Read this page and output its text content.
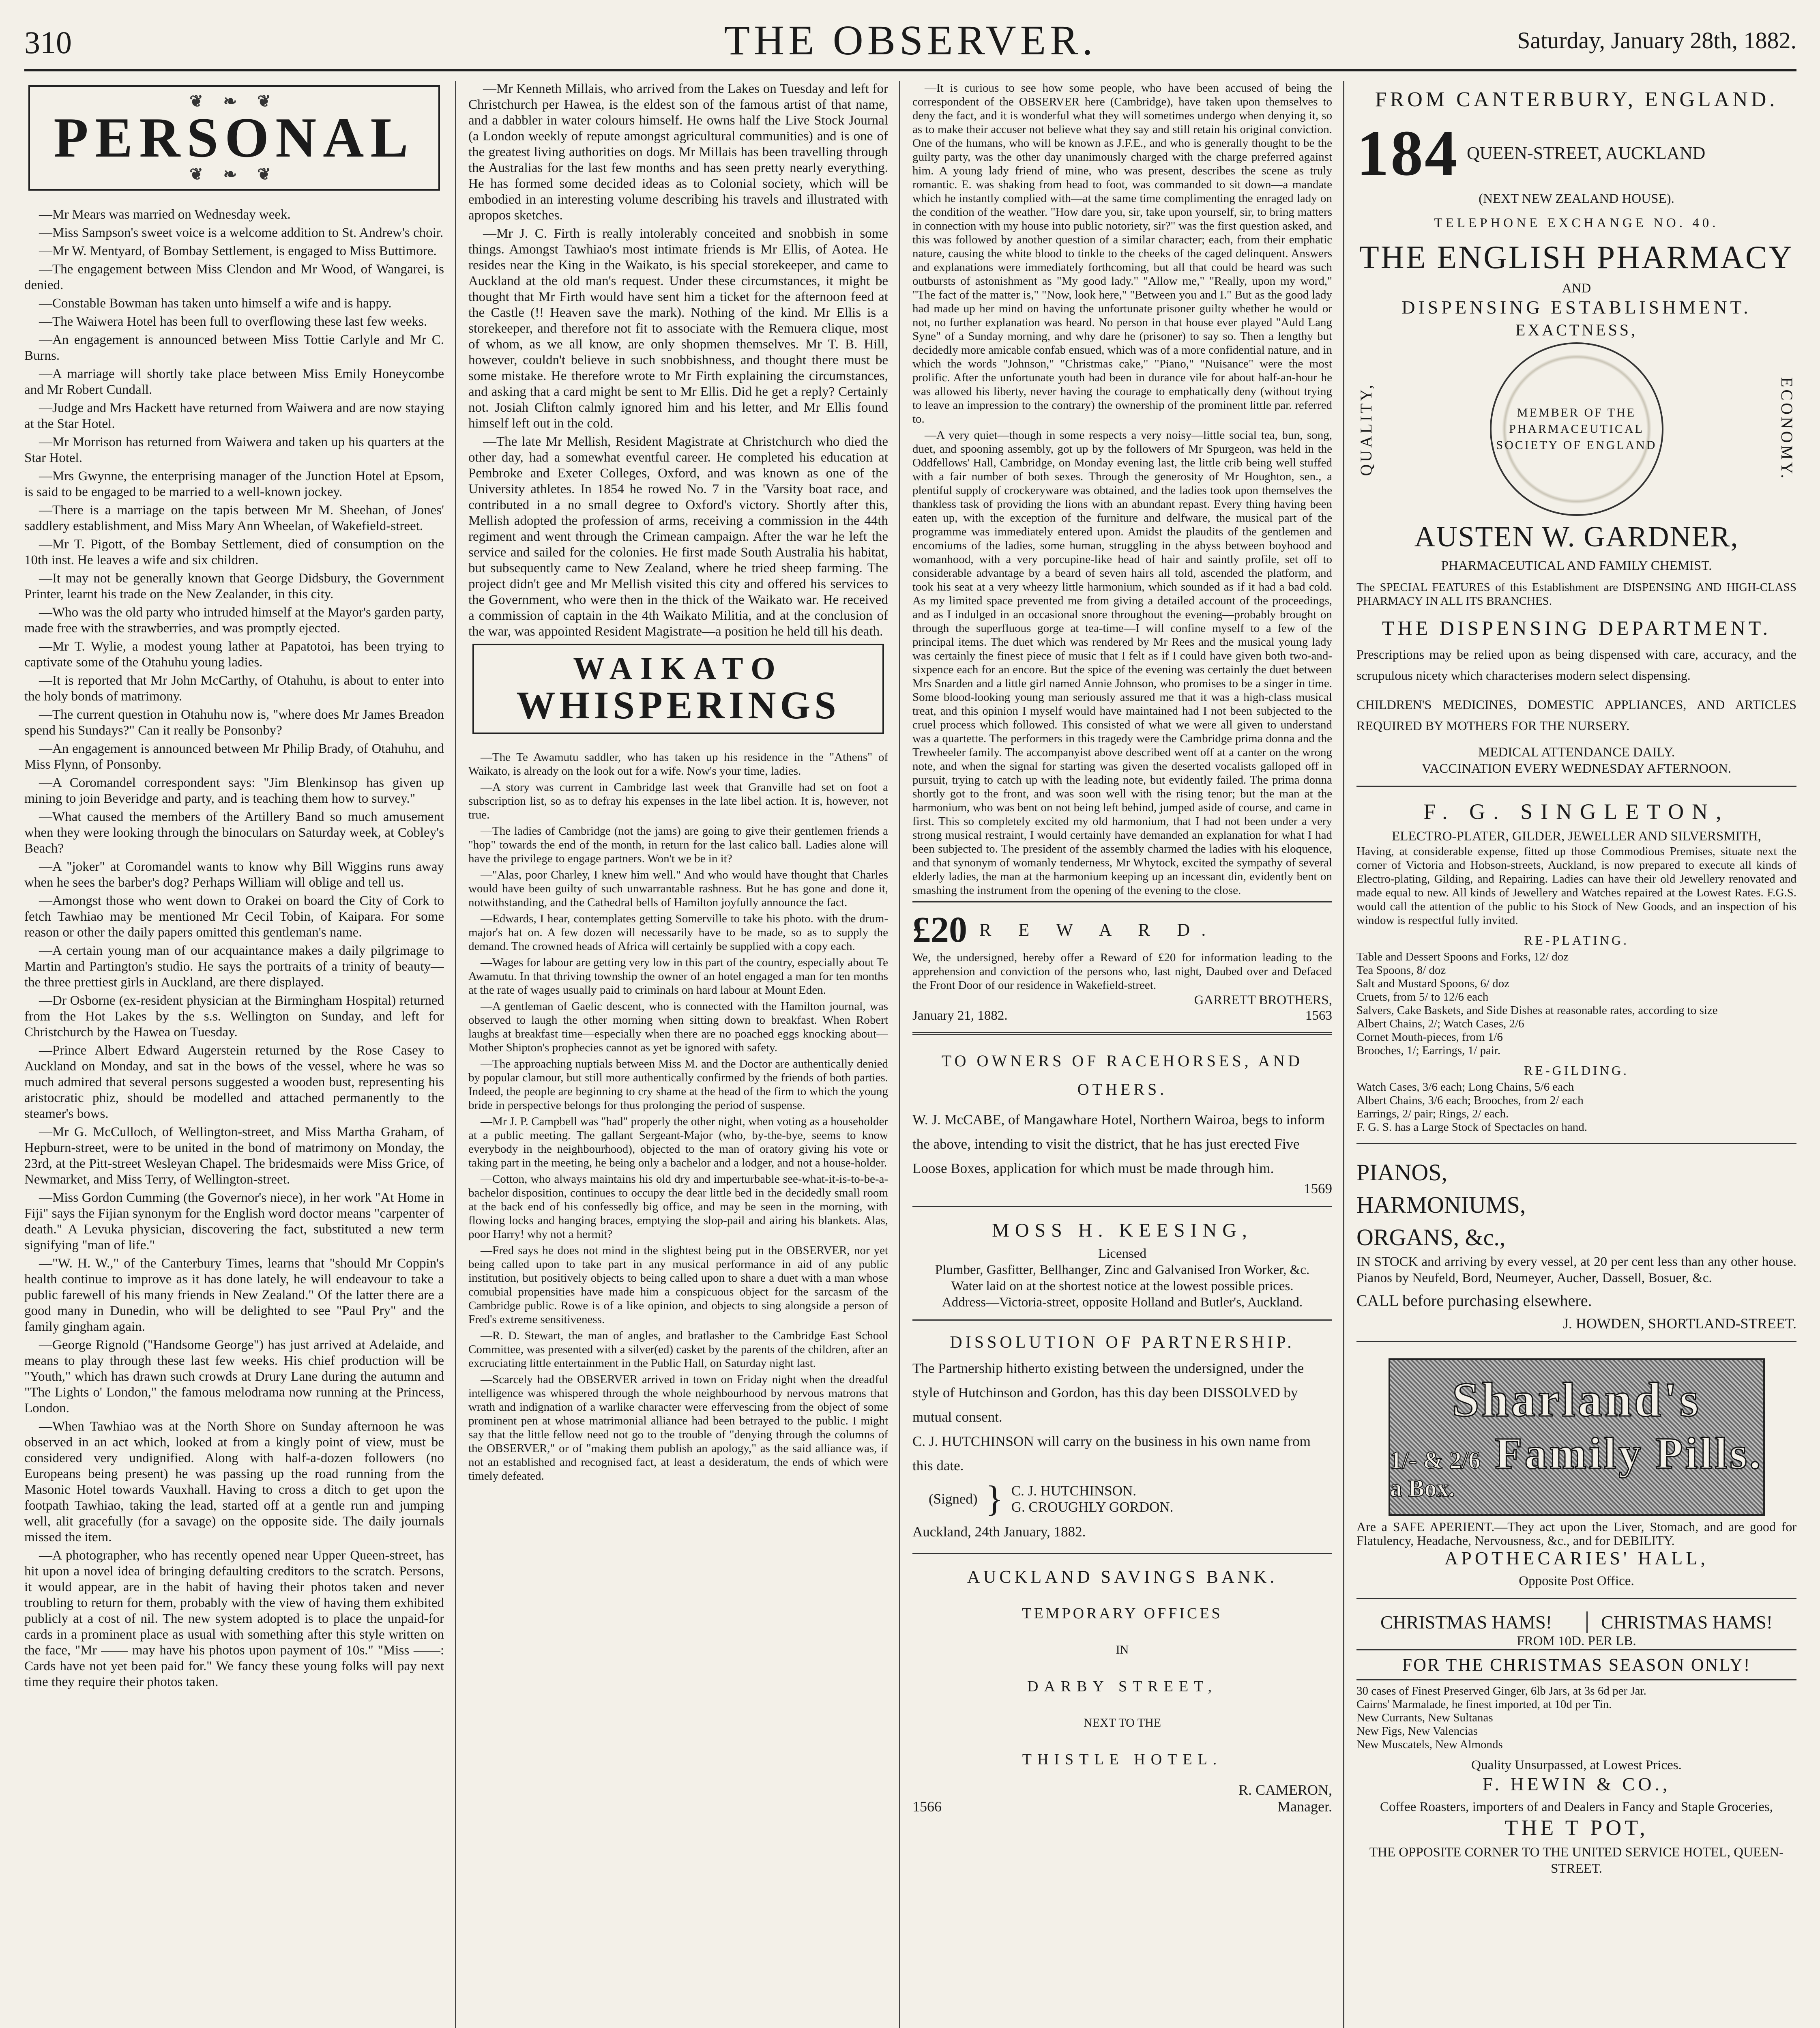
310	THE OBSERVER.	Saturday, January 28th, 1882.
❦ ❧ ❦
PERSONAL
❦ ❧ ❦

—Mr Mears was married on Wednesday week.

—Miss Sampson's sweet voice is a welcome addition to St. Andrew's choir.

—Mr W. Mentyard, of Bombay Settlement, is engaged to Miss Buttimore.

—The engagement between Miss Clendon and Mr Wood, of Wangarei, is denied.

—Constable Bowman has taken unto himself a wife and is happy.

—The Waiwera Hotel has been full to overflowing these last few weeks.

—An engagement is announced between Miss Tottie Carlyle and Mr C. Burns.

—A marriage will shortly take place between Miss Emily Honeycombe and Mr Robert Cundall.

—Judge and Mrs Hackett have returned from Waiwera and are now staying at the Star Hotel.

—Mr Morrison has returned from Waiwera and taken up his quarters at the Star Hotel.

—Mrs Gwynne, the enterprising manager of the Junction Hotel at Epsom, is said to be engaged to be married to a well-known jockey.

—There is a marriage on the tapis between Mr M. Sheehan, of Jones' saddlery establishment, and Miss Mary Ann Wheelan, of Wakefield-street.

—Mr T. Pigott, of the Bombay Settlement, died of consumption on the 10th inst. He leaves a wife and six children.

—It may not be generally known that George Didsbury, the Government Printer, learnt his trade on the New Zealander, in this city.

—Who was the old party who intruded himself at the Mayor's garden party, made free with the strawberries, and was promptly ejected.

—Mr T. Wylie, a modest young lather at Papatotoi, has been trying to captivate some of the Otahuhu young ladies.

—It is reported that Mr John McCarthy, of Otahuhu, is about to enter into the holy bonds of matrimony.

—The current question in Otahuhu now is, "where does Mr James Breadon spend his Sundays?" Can it really be Ponsonby?

—An engagement is announced between Mr Philip Brady, of Otahuhu, and Miss Flynn, of Ponsonby.

—A Coromandel correspondent says: "Jim Blenkinsop has given up mining to join Beveridge and party, and is teaching them how to survey."

—What caused the members of the Artillery Band so much amusement when they were looking through the binoculars on Saturday week, at Cobley's Beach?

—A "joker" at Coromandel wants to know why Bill Wiggins runs away when he sees the barber's dog? Perhaps William will oblige and tell us.

—Amongst those who went down to Orakei on board the City of Cork to fetch Tawhiao may be mentioned Mr Cecil Tobin, of Kaipara. For some reason or other the daily papers omitted this gentleman's name.

—A certain young man of our acquaintance makes a daily pilgrimage to Martin and Partington's studio. He says the portraits of a trinity of beauty—the three prettiest girls in Auckland, are there displayed.

—Dr Osborne (ex-resident physician at the Birmingham Hospital) returned from the Hot Lakes by the s.s. Wellington on Sunday, and left for Christchurch by the Hawea on Tuesday.

—Prince Albert Edward Augerstein returned by the Rose Casey to Auckland on Monday, and sat in the bows of the vessel, where he was so much admired that several persons suggested a wooden bust, representing his aristocratic phiz, should be modelled and attached permanently to the steamer's bows.

—Mr G. McCulloch, of Wellington-street, and Miss Martha Graham, of Hepburn-street, were to be united in the bond of matrimony on Monday, the 23rd, at the Pitt-street Wesleyan Chapel. The bridesmaids were Miss Grice, of Newmarket, and Miss Terry, of Wellington-street.

—Miss Gordon Cumming (the Governor's niece), in her work "At Home in Fiji" says the Fijian synonym for the English word doctor means "carpenter of death." A Levuka physician, discovering the fact, substituted a new term signifying "man of life."

—"W. H. W.," of the Canterbury Times, learns that "should Mr Coppin's health continue to improve as it has done lately, he will endeavour to take a public farewell of his many friends in New Zealand." Of the latter there are a good many in Dunedin, who will be delighted to see "Paul Pry" and the family gingham again.

—George Rignold ("Handsome George") has just arrived at Adelaide, and means to play through these last few weeks. His chief production will be "Youth," which has drawn such crowds at Drury Lane during the autumn and "The Lights o' London," the famous melodrama now running at the Princess, London.

—When Tawhiao was at the North Shore on Sunday afternoon he was observed in an act which, looked at from a kingly point of view, must be considered very undignified. Along with half-a-dozen followers (no Europeans being present) he was passing up the road running from the Masonic Hotel towards Vauxhall. Having to cross a ditch to get upon the footpath Tawhiao, taking the lead, started off at a gentle run and jumping well, alit gracefully (for a savage) on the opposite side. The daily journals missed the item.

—A photographer, who has recently opened near Upper Queen-street, has hit upon a novel idea of bringing defaulting creditors to the scratch. Persons, it would appear, are in the habit of having their photos taken and never troubling to return for them, probably with the view of having them exhibited publicly at a cost of nil. The new system adopted is to place the unpaid-for cards in a prominent place as usual with something after this style written on the face, "Mr —— may have his photos upon payment of 10s." "Miss ——: Cards have not yet been paid for." We fancy these young folks will pay next time they require their photos taken.

—Mr Kenneth Millais, who arrived from the Lakes on Tuesday and left for Christchurch per Hawea, is the eldest son of the famous artist of that name, and a dabbler in water colours himself. He owns half the Live Stock Journal (a London weekly of repute amongst agricultural communities) and is one of the greatest living authorities on dogs. Mr Millais has been travelling through the Australias for the last few months and has seen pretty nearly everything. He has formed some decided ideas as to Colonial society, which will be embodied in an interesting volume describing his travels and illustrated with apropos sketches.

—Mr J. C. Firth is really intolerably conceited and snobbish in some things. Amongst Tawhiao's most intimate friends is Mr Ellis, of Aotea. He resides near the King in the Waikato, is his special storekeeper, and came to Auckland at the old man's request. Under these circumstances, it might be thought that Mr Firth would have sent him a ticket for the afternoon feed at the Castle (!! Heaven save the mark). Nothing of the kind. Mr Ellis is a storekeeper, and therefore not fit to associate with the Remuera clique, most of whom, as we all know, are only shopmen themselves. Mr T. B. Hill, however, couldn't believe in such snobbishness, and thought there must be some mistake. He therefore wrote to Mr Firth explaining the circumstances, and asking that a card might be sent to Mr Ellis. Did he get a reply? Certainly not. Josiah Clifton calmly ignored him and his letter, and Mr Ellis found himself left out in the cold.

—The late Mr Mellish, Resident Magistrate at Christchurch who died the other day, had a somewhat eventful career. He completed his education at Pembroke and Exeter Colleges, Oxford, and was known as one of the University athletes. In 1854 he rowed No. 7 in the 'Varsity boat race, and contributed in a no small degree to Oxford's victory. Shortly after this, Mellish adopted the profession of arms, receiving a commission in the 44th regiment and went through the Crimean campaign. After the war he left the service and sailed for the colonies. He first made South Australia his habitat, but subsequently came to New Zealand, where he tried sheep farming. The project didn't gee and Mr Mellish visited this city and offered his services to the Government, who were then in the thick of the Waikato war. He received a commission of captain in the 4th Waikato Militia, and at the conclusion of the war, was appointed Resident Magistrate—a position he held till his death.

WAIKATO
WHISPERINGS

—The Te Awamutu saddler, who has taken up his residence in the "Athens" of Waikato, is already on the look out for a wife. Now's your time, ladies.

—A story was current in Cambridge last week that Granville had set on foot a subscription list, so as to defray his expenses in the late libel action. It is, however, not true.

—The ladies of Cambridge (not the jams) are going to give their gentlemen friends a "hop" towards the end of the month, in return for the last calico ball. Ladies alone will have the privilege to engage partners. Won't we be in it?

—"Alas, poor Charley, I knew him well." And who would have thought that Charles would have been guilty of such unwarrantable rashness. But he has gone and done it, notwithstanding, and the Cathedral bells of Hamilton joyfully announce the fact.

—Edwards, I hear, contemplates getting Somerville to take his photo. with the drum-major's hat on. A few dozen will necessarily have to be made, so as to supply the demand. The crowned heads of Africa will certainly be supplied with a copy each.

—Wages for labour are getting very low in this part of the country, especially about Te Awamutu. In that thriving township the owner of an hotel engaged a man for ten months at the rate of wages usually paid to criminals on hard labour at Mount Eden.

—A gentleman of Gaelic descent, who is connected with the Hamilton journal, was observed to laugh the other morning when sitting down to breakfast. When Robert laughs at breakfast time—especially when there are no poached eggs knocking about—Mother Shipton's prophecies cannot as yet be ignored with safety.

—The approaching nuptials between Miss M. and the Doctor are authentically denied by popular clamour, but still more authentically confirmed by the friends of both parties. Indeed, the people are beginning to cry shame at the head of the firm to which the young bride in perspective belongs for thus prolonging the period of suspense.

—Mr J. P. Campbell was "had" properly the other night, when voting as a householder at a public meeting. The gallant Sergeant-Major (who, by-the-bye, seems to know everybody in the neighbourhood), objected to the man of oratory giving his vote or taking part in the meeting, he being only a bachelor and a lodger, and not a house-holder.

—Cotton, who always maintains his old dry and imperturbable see-what-it-is-to-be-a-bachelor disposition, continues to occupy the dear little bed in the decidedly small room at the back end of his confessedly big office, and may be seen in the morning, with flowing locks and hanging braces, emptying the slop-pail and airing his blankets. Alas, poor Harry! why not a hermit?

—Fred says he does not mind in the slightest being put in the OBSERVER, nor yet being called upon to take part in any musical performance in aid of any public institution, but positively objects to being called upon to share a duet with a man whose comubial propensities have made him a conspicuous object for the sarcasm of the Cambridge public. Rowe is of a like opinion, and objects to sing alongside a person of Fred's extreme sensitiveness.

—R. D. Stewart, the man of angles, and bratlasher to the Cambridge East School Committee, was presented with a silver(ed) casket by the parents of the children, after an excruciating little entertainment in the Public Hall, on Saturday night last.

—Scarcely had the OBSERVER arrived in town on Friday night when the dreadful intelligence was whispered through the whole neighbourhood by nervous matrons that wrath and indignation of a warlike character were effervescing from the object of some prominent pen at whose matrimonial alliance had been betrayed to the public. I might say that the little fellow need not go to the trouble of "denying through the columns of the OBSERVER," or of "making them publish an apology," as the said alliance was, if not an established and recognised fact, at least a desideratum, the ends of which were timely defeated.

—It is curious to see how some people, who have been accused of being the correspondent of the OBSERVER here (Cambridge), have taken upon themselves to deny the fact, and it is wonderful what they will sometimes undergo when denying it, so as to make their accuser not believe what they say and still retain his original conviction. One of the humans, who will be known as J.F.E., and who is generally thought to be the guilty party, was the other day unanimously charged with the charge preferred against him. A young lady friend of mine, who was present, describes the scene as truly romantic. E. was shaking from head to foot, was commanded to sit down—a mandate which he instantly complied with—at the same time complimenting the enraged lady on the condition of the weather. "How dare you, sir, take upon yourself, sir, to bring matters in connection with my house into public notoriety, sir?" was the first question asked, and this was followed by another question of a similar character; each, from their emphatic nature, causing the white blood to tinkle to the cheeks of the caged delinquent. Answers and explanations were immediately forthcoming, but all that could be heard was such outbursts of astonishment as "My good lady." "Allow me," "Really, upon my word," "The fact of the matter is," "Now, look here," "Between you and I." But as the good lady had made up her mind on having the unfortunate prisoner guilty whether he would or not, no further explanation was heard. No person in that house ever played "Auld Lang Syne" of a Sunday morning, and why dare he (prisoner) to say so. Then a lengthy but decidedly more amicable confab ensued, which was of a more confidential nature, and in which the words "Johnson," "Christmas cake," "Piano," "Nuisance" were the most prolific. After the unfortunate youth had been in durance vile for about half-an-hour he was allowed his liberty, never having the courage to emphatically deny (without trying to leave an impression to the contrary) the ownership of the prominent little par. referred to.

—A very quiet—though in some respects a very noisy—little social tea, bun, song, duet, and spooning assembly, got up by the followers of Mr Spurgeon, was held in the Oddfellows' Hall, Cambridge, on Monday evening last, the little crib being well stuffed with a fair number of both sexes. Through the generosity of Mr Houghton, sen., a plentiful supply of crockeryware was obtained, and the ladies took upon themselves the thankless task of providing the lions with an abundant repast. Every thing having been eaten up, with the exception of the furniture and delfware, the musical part of the programme was immediately entered upon. Amidst the plaudits of the gentlemen and encomiums of the ladies, some human, struggling in the abyss between boyhood and womanhood, with a very porcupine-like head of hair and saintly profile, set off to considerable advantage by a beard of seven hairs all told, ascended the platform, and took his seat at a very wheezy little harmonium, which sounded as if it had a bad cold. As my limited space prevented me from giving a detailed account of the proceedings, and as I indulged in an occasional snore throughout the evening—probably brought on through the superfluous gorge at tea-time—I will confine myself to a few of the principal items. The duet which was rendered by Mr Rees and the musical young lady was certainly the finest piece of music that I felt as if I could have given both two-and-sixpence each for an encore. But the spice of the evening was certainly the duet between Mrs Snarden and a little girl named Annie Johnson, who promises to be a singer in time. Some blood-looking young man seriously assured me that it was a high-class musical treat, and this opinion I myself would have maintained had I not been subjected to the cruel process which followed. This consisted of what we were all given to understand was a quartette. The performers in this tragedy were the Cambridge prima donna and the Trewheeler family. The accompanyist above described went off at a canter on the wrong note, and when the signal for starting was given the deserted vocalists galloped off in pursuit, trying to catch up with the leading note, but evidently failed. The prima donna shortly got to the front, and was soon well with the rising tenor; but the man at the harmonium, who was bent on not being left behind, jumped aside of course, and came in first. This so completely excited my old harmonium, that I had not been under a very strong musical restraint, I would certainly have demanded an explanation for what I had been subjected to. The president of the assembly charmed the ladies with his eloquence, and that synonym of womanly tenderness, Mr Whytock, excited the sympathy of several elderly ladies, the man at the harmonium keeping up an incessant din, evidently bent on smashing the instrument from the opening of the evening to the close.

£20 R E W A R D.
We, the undersigned, hereby offer a Reward of £20 for information leading to the apprehension and conviction of the persons who, last night, Daubed over and Defaced the Front Door of our residence in Wakefield-street.
GARRETT BROTHERS,
January 21, 1882.	1563
TO OWNERS OF RACEHORSES, AND OTHERS.
W. J. McCABE, of Mangawhare Hotel, Northern Wairoa, begs to inform the above, intending to visit the district, that he has just erected Five Loose Boxes, application for which must be made through him.
1569
MOSS H. KEESING,
Licensed
Plumber, Gasfitter, Bellhanger, Zinc and Galvanised Iron Worker, &c.
Water laid on at the shortest notice at the lowest possible prices.
Address—Victoria-street, opposite Holland and Butler's, Auckland.
DISSOLUTION OF PARTNERSHIP.
The Partnership hitherto existing between the undersigned, under the style of Hutchinson and Gordon, has this day been DISSOLVED by mutual consent.
C. J. HUTCHINSON will carry on the business in his own name from this date.
(Signed) } C. J. HUTCHINSON.
G. CROUGHLY GORDON.
Auckland, 24th January, 1882.
AUCKLAND SAVINGS BANK.
TEMPORARY OFFICES
IN
DARBY STREET,
NEXT TO THE
THISTLE HOTEL.
R. CAMERON,
1566	Manager.
FROM CANTERBURY, ENGLAND.
184 QUEEN-STREET, AUCKLAND
(NEXT NEW ZEALAND HOUSE).
TELEPHONE EXCHANGE NO. 40.
THE ENGLISH PHARMACY
AND
DISPENSING ESTABLISHMENT.
EXACTNESS,
QUALITY,	MEMBER OF THE PHARMACEUTICAL SOCIETY OF ENGLAND	ECONOMY.
AUSTEN W. GARDNER,
PHARMACEUTICAL AND FAMILY CHEMIST.
The SPECIAL FEATURES of this Establishment are DISPENSING AND HIGH-CLASS PHARMACY IN ALL ITS BRANCHES.
THE DISPENSING DEPARTMENT.
Prescriptions may be relied upon as being dispensed with care, accuracy, and the scrupulous nicety which characterises modern select dispensing.
CHILDREN'S MEDICINES, DOMESTIC APPLIANCES, AND ARTICLES REQUIRED BY MOTHERS FOR THE NURSERY.
MEDICAL ATTENDANCE DAILY.
VACCINATION EVERY WEDNESDAY AFTERNOON.
F. G. SINGLETON,
ELECTRO-PLATER, GILDER, JEWELLER AND SILVERSMITH,
Having, at considerable expense, fitted up those Commodious Premises, situate next the corner of Victoria and Hobson-streets, Auckland, is now prepared to execute all kinds of Electro-plating, Gilding, and Repairing. Ladies can have their old Jewellery renovated and made equal to new. All kinds of Jewellery and Watches repaired at the Lowest Rates. F.G.S. would call the attention of the public to his Stock of New Goods, and an inspection of his window is respectful fully invited.
RE-PLATING.
Table and Dessert Spoons and Forks, 12/ doz
Tea Spoons, 8/ doz
Salt and Mustard Spoons, 6/ doz
Cruets, from 5/ to 12/6 each
Salvers, Cake Baskets, and Side Dishes at reasonable rates, according to size
Albert Chains, 2/; Watch Cases, 2/6
Cornet Mouth-pieces, from 1/6
Brooches, 1/; Earrings, 1/ pair.
RE-GILDING.
Watch Cases, 3/6 each; Long Chains, 5/6 each
Albert Chains, 3/6 each; Brooches, from 2/ each
Earrings, 2/ pair; Rings, 2/ each.
F. G. S. has a Large Stock of Spectacles on hand.
PIANOS,
HARMONIUMS,
ORGANS, &c.,
IN STOCK and arriving by every vessel, at 20 per cent less than any other house. Pianos by Neufeld, Bord, Neumeyer, Aucher, Dassell, Bosuer, &c.
CALL before purchasing elsewhere.
J. HOWDEN, SHORTLAND-STREET.
Sharland's
1/- & 2/6 a Box.
Family Pills.
Are a SAFE APERIENT.—They act upon the Liver, Stomach, and are good for Flatulency, Headache, Nervousness, &c., and for DEBILITY.
APOTHECARIES' HALL,
Opposite Post Office.
CHRISTMAS HAMS!	CHRISTMAS HAMS!
FROM 10D. PER LB.
FOR THE CHRISTMAS SEASON ONLY!
30 cases of Finest Preserved Ginger, 6lb Jars, at 3s 6d per Jar.
Cairns' Marmalade, he finest imported, at 10d per Tin.
New Currants, New Sultanas
New Figs, New Valencias
New Muscatels, New Almonds
Quality Unsurpassed, at Lowest Prices.
F. HEWIN & CO.,
Coffee Roasters, importers of and Dealers in Fancy and Staple Groceries,
THE T POT,
THE OPPOSITE CORNER TO THE UNITED SERVICE HOTEL, QUEEN-STREET.
